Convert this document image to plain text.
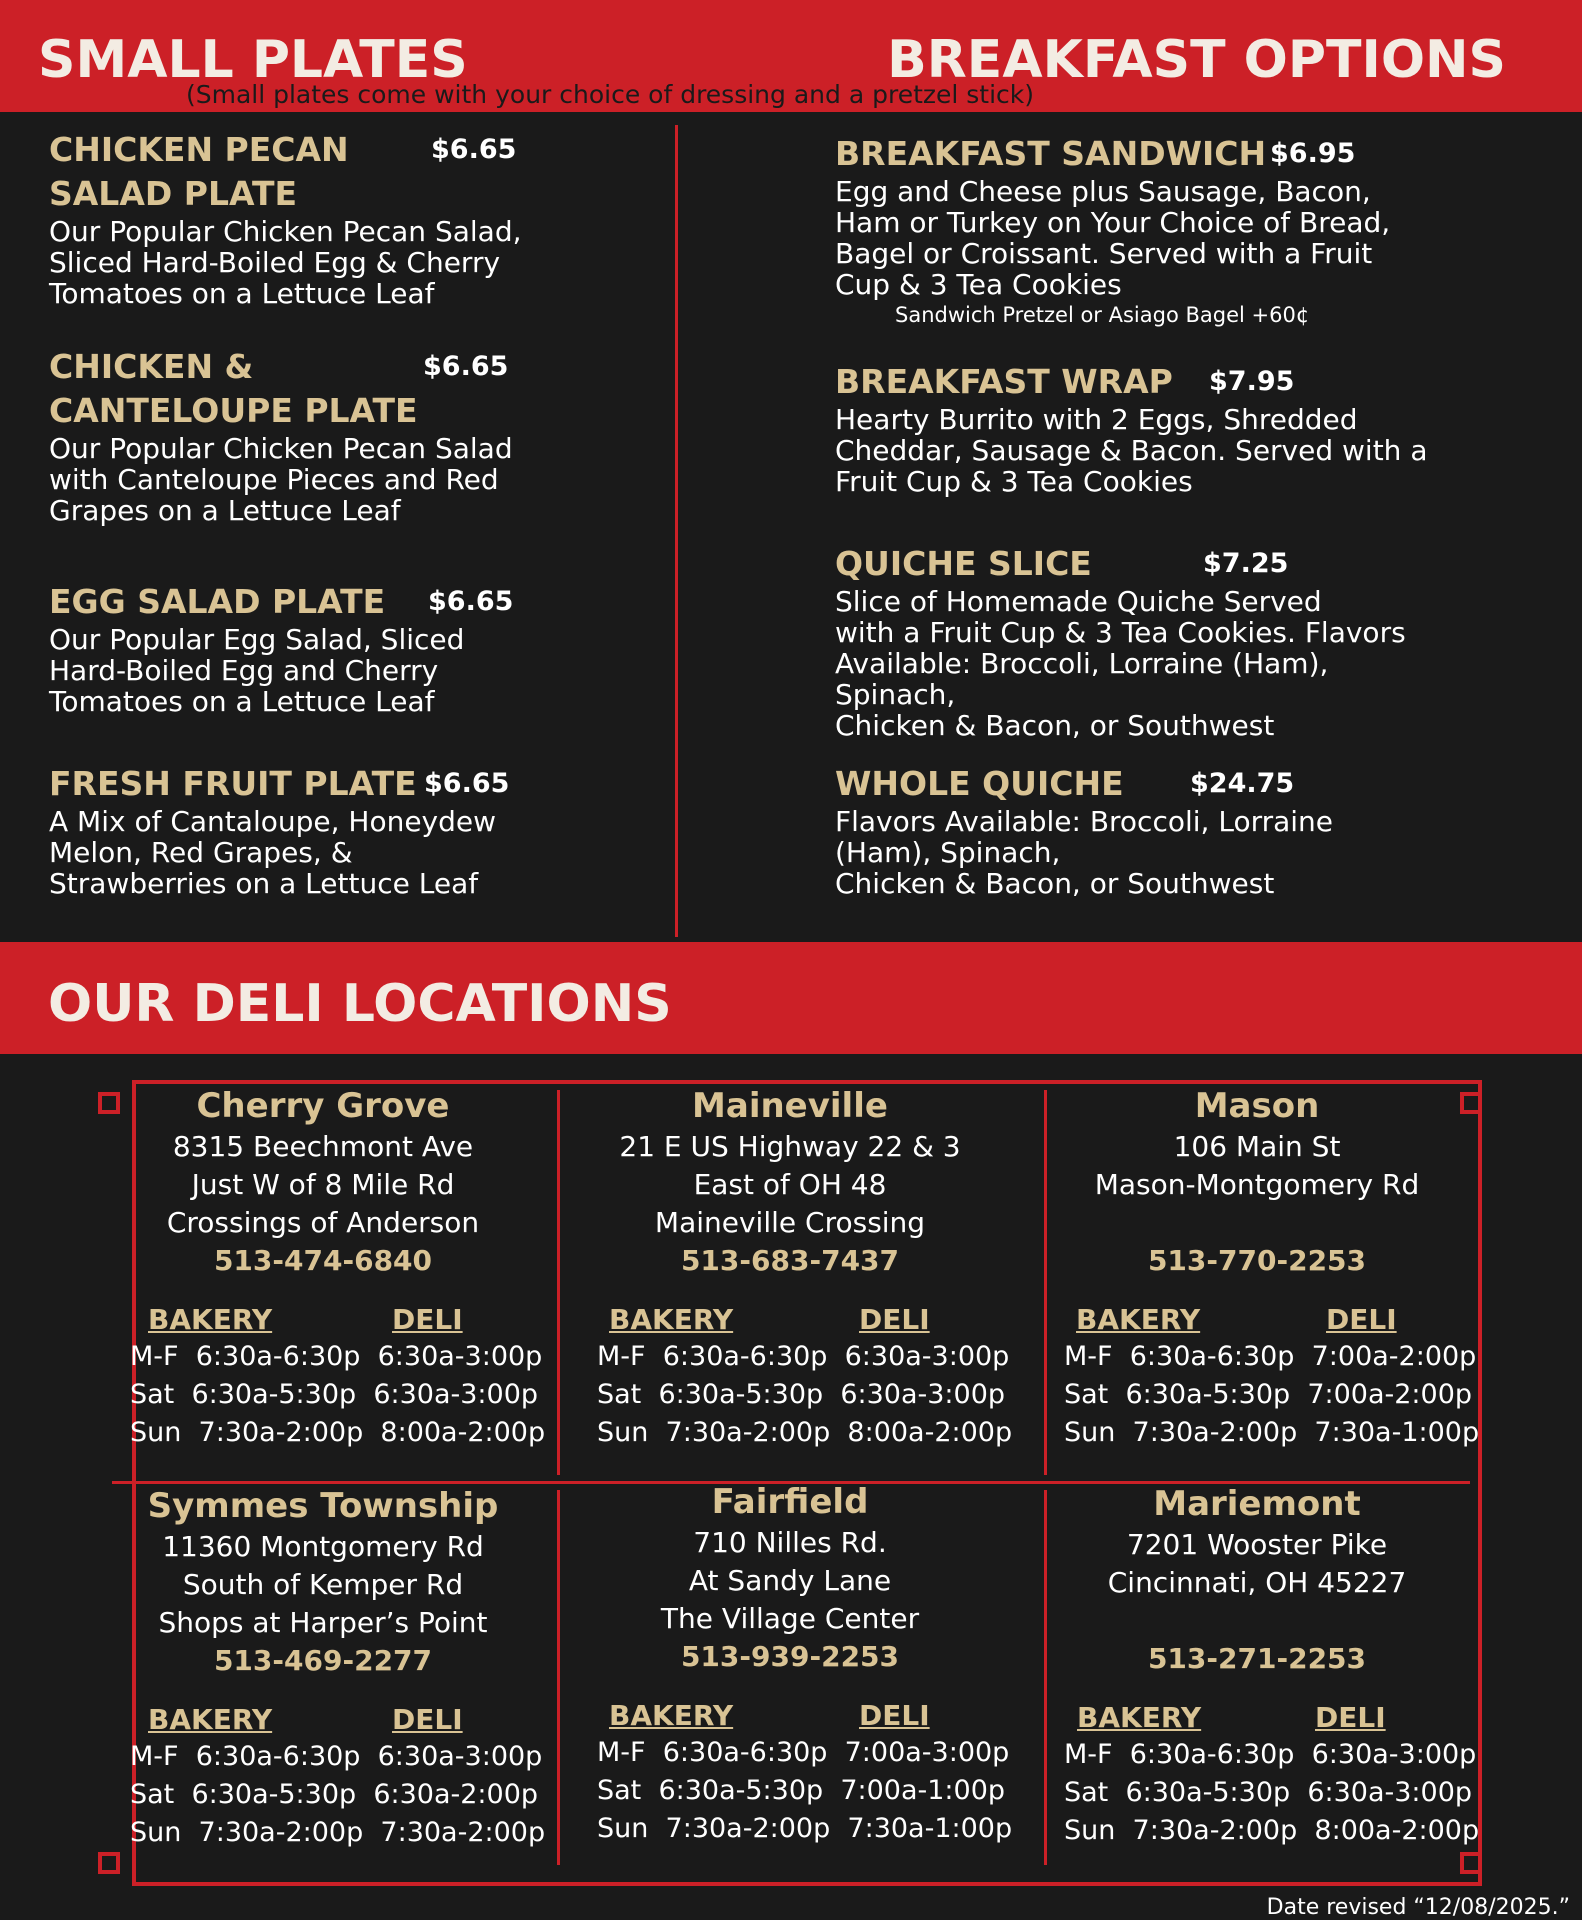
SMALL PLATES	BREAKFAST OPTIONS
(Small plates come with your choice of dressing and a pretzel stick)
CHICKEN PECAN
SALAD PLATE
$6.65
Our Popular Chicken Pecan Salad,
Sliced Hard-Boiled Egg & Cherry
Tomatoes on a Lettuce Leaf
CHICKEN &
CANTELOUPE PLATE
$6.65
Our Popular Chicken Pecan Salad
with Canteloupe Pieces and Red
Grapes on a Lettuce Leaf
EGG SALAD PLATE	$6.65
Our Popular Egg Salad, Sliced
Hard-Boiled Egg and Cherry
Tomatoes on a Lettuce Leaf
FRESH FRUIT PLATE $6.65
A Mix of Cantaloupe, Honeydew
Melon, Red Grapes, &
Strawberries on a Lettuce Leaf
BREAKFAST SANDWICH $6.95
Egg and Cheese plus Sausage, Bacon,
Ham or Turkey on Your Choice of Bread,
Bagel or Croissant. Served with a Fruit
Cup & 3 Tea Cookies
Sandwich Pretzel or Asiago Bagel +60¢
BREAKFAST WRAP	$7.95
Hearty Burrito with 2 Eggs, Shredded
Cheddar, Sausage & Bacon. Served with a
Fruit Cup & 3 Tea Cookies
QUICHE SLICE	$7.25
Slice of Homemade Quiche Served
with a Fruit Cup & 3 Tea Cookies. Flavors
Available: Broccoli, Lorraine (Ham),
Spinach,
Chicken & Bacon, or Southwest
WHOLE QUICHE	$24.75
Flavors Available: Broccoli, Lorraine
(Ham), Spinach,
Chicken & Bacon, or Southwest
OUR DELI LOCATIONS
Cherry Grove
8315 Beechmont Ave
Just W of 8 Mile Rd
Crossings of Anderson
513-474-6840
BAKERY	DELI
M-F 6:30a-6:30p 6:30a-3:00p
Sat 6:30a-5:30p 6:30a-3:00p
Sun 7:30a-2:00p 8:00a-2:00p
Maineville
21 E US Highway 22 & 3
East of OH 48
Maineville Crossing
513-683-7437
BAKERY	DELI
M-F 6:30a-6:30p 6:30a-3:00p
Sat 6:30a-5:30p 6:30a-3:00p
Sun 7:30a-2:00p 8:00a-2:00p
Mason
106 Main St
Mason-Montgomery Rd
513-770-2253
BAKERY	DELI
M-F 6:30a-6:30p 7:00a-2:00p
Sat 6:30a-5:30p 7:00a-2:00p
Sun 7:30a-2:00p 7:30a-1:00p
Symmes Township
11360 Montgomery Rd
South of Kemper Rd
Shops at Harper’s Point
513-469-2277
BAKERY	DELI
M-F 6:30a-6:30p 6:30a-3:00p
Sat 6:30a-5:30p 6:30a-2:00p
Sun 7:30a-2:00p 7:30a-2:00p
Fairfield
710 Nilles Rd.
At Sandy Lane
The Village Center
513-939-2253
BAKERY	DELI
M-F 6:30a-6:30p 7:00a-3:00p
Sat 6:30a-5:30p 7:00a-1:00p
Sun 7:30a-2:00p 7:30a-1:00p
Mariemont
7201 Wooster Pike
Cincinnati, OH 45227
513-271-2253
BAKERY	DELI
M-F 6:30a-6:30p 6:30a-3:00p
Sat 6:30a-5:30p 6:30a-3:00p
Sun 7:30a-2:00p 8:00a-2:00p
Date revised “12/08/2025.”
